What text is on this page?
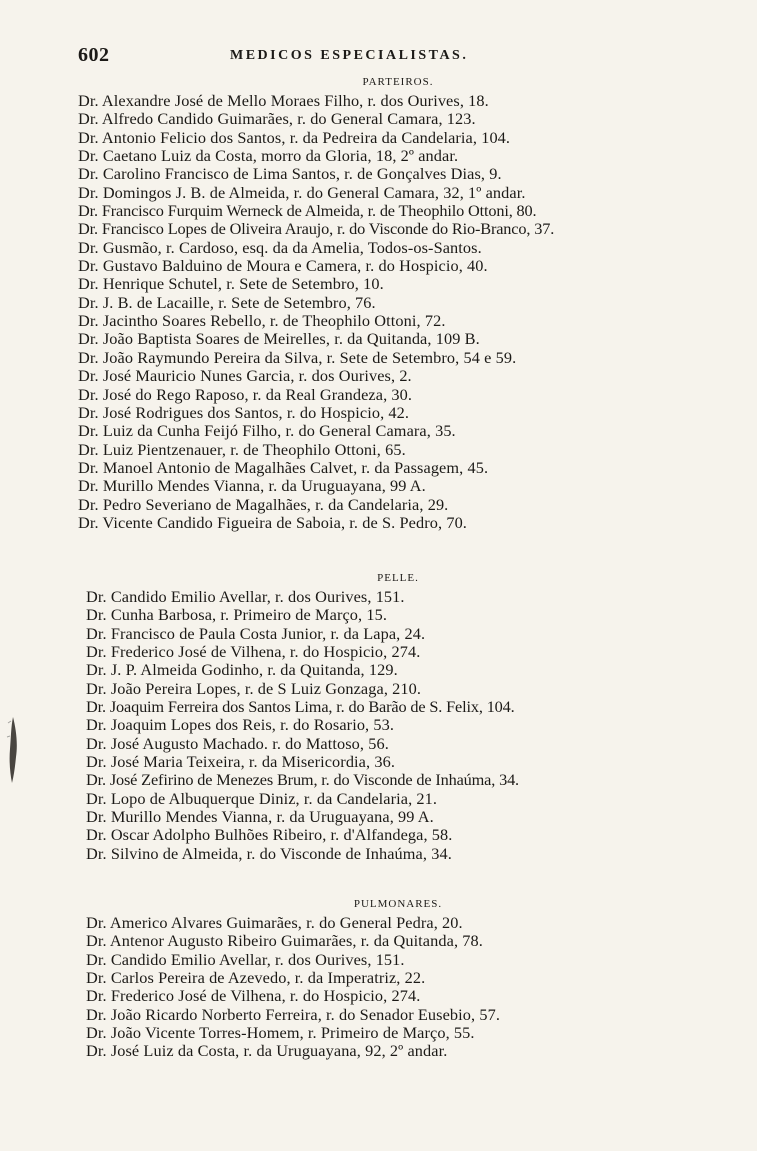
602	MEDICOS ESPECIALISTAS.
PARTEIROS.
Dr. Alexandre José de Mello Moraes Filho, r. dos Ourives, 18.
Dr. Alfredo Candido Guimarães, r. do General Camara, 123.
Dr. Antonio Felicio dos Santos, r. da Pedreira da Candelaria, 104.
Dr. Caetano Luiz da Costa, morro da Gloria, 18, 2º andar.
Dr. Carolino Francisco de Lima Santos, r. de Gonçalves Dias, 9.
Dr. Domingos J. B. de Almeida, r. do General Camara, 32, 1º andar.
Dr. Francisco Furquim Werneck de Almeida, r. de Theophilo Ottoni, 80.
Dr. Francisco Lopes de Oliveira Araujo, r. do Visconde do Rio-Branco, 37.
Dr. Gusmão, r. Cardoso, esq. da da Amelia, Todos-os-Santos.
Dr. Gustavo Balduino de Moura e Camera, r. do Hospicio, 40.
Dr. Henrique Schutel, r. Sete de Setembro, 10.
Dr. J. B. de Lacaille, r. Sete de Setembro, 76.
Dr. Jacintho Soares Rebello, r. de Theophilo Ottoni, 72.
Dr. João Baptista Soares de Meirelles, r. da Quitanda, 109 B.
Dr. João Raymundo Pereira da Silva, r. Sete de Setembro, 54 e 59.
Dr. José Mauricio Nunes Garcia, r. dos Ourives, 2.
Dr. José do Rego Raposo, r. da Real Grandeza, 30.
Dr. José Rodrigues dos Santos, r. do Hospicio, 42.
Dr. Luiz da Cunha Feijó Filho, r. do General Camara, 35.
Dr. Luiz Pientzenauer, r. de Theophilo Ottoni, 65.
Dr. Manoel Antonio de Magalhães Calvet, r. da Passagem, 45.
Dr. Murillo Mendes Vianna, r. da Uruguayana, 99 A.
Dr. Pedro Severiano de Magalhães, r. da Candelaria, 29.
Dr. Vicente Candido Figueira de Saboia, r. de S. Pedro, 70.
PELLE.
Dr. Candido Emilio Avellar, r. dos Ourives, 151.
Dr. Cunha Barbosa, r. Primeiro de Março, 15.
Dr. Francisco de Paula Costa Junior, r. da Lapa, 24.
Dr. Frederico José de Vilhena, r. do Hospicio, 274.
Dr. J. P. Almeida Godinho, r. da Quitanda, 129.
Dr. João Pereira Lopes, r. de S Luiz Gonzaga, 210.
Dr. Joaquim Ferreira dos Santos Lima, r. do Barão de S. Felix, 104.
Dr. Joaquim Lopes dos Reis, r. do Rosario, 53.
Dr. José Augusto Machado. r. do Mattoso, 56.
Dr. José Maria Teixeira, r. da Misericordia, 36.
Dr. José Zefirino de Menezes Brum, r. do Visconde de Inhaúma, 34.
Dr. Lopo de Albuquerque Diniz, r. da Candelaria, 21.
Dr. Murillo Mendes Vianna, r. da Uruguayana, 99 A.
Dr. Oscar Adolpho Bulhões Ribeiro, r. d'Alfandega, 58.
Dr. Silvino de Almeida, r. do Visconde de Inhaúma, 34.
PULMONARES.
Dr. Americo Alvares Guimarães, r. do General Pedra, 20.
Dr. Antenor Augusto Ribeiro Guimarães, r. da Quitanda, 78.
Dr. Candido Emilio Avellar, r. dos Ourives, 151.
Dr. Carlos Pereira de Azevedo, r. da Imperatriz, 22.
Dr. Frederico José de Vilhena, r. do Hospicio, 274.
Dr. João Ricardo Norberto Ferreira, r. do Senador Eusebio, 57.
Dr. João Vicente Torres-Homem, r. Primeiro de Março, 55.
Dr. José Luiz da Costa, r. da Uruguayana, 92, 2º andar.
